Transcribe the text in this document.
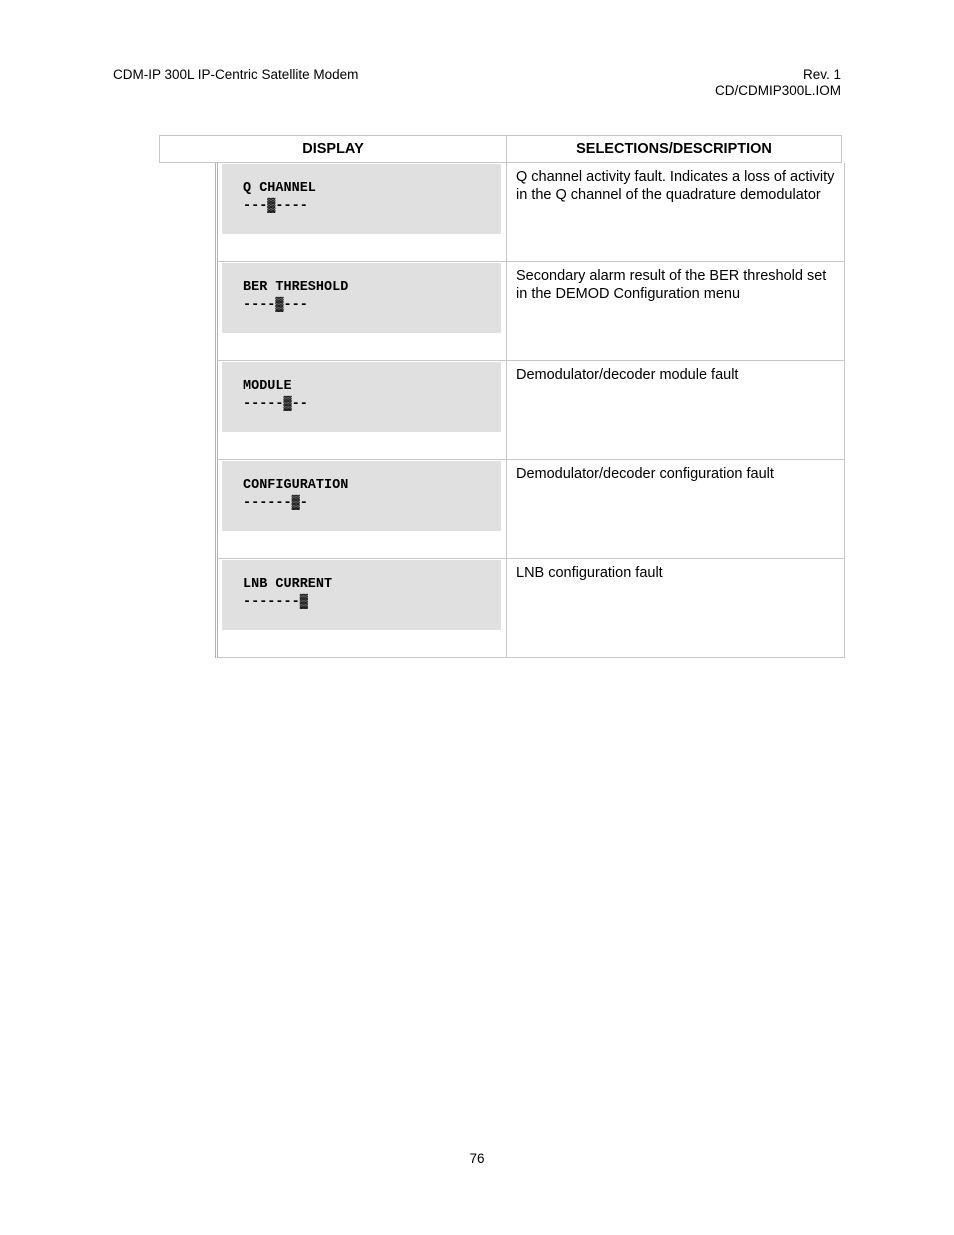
CDM-IP 300L IP-Centric Satellite Modem	Rev. 1
CD/CDMIP300L.IOM
DISPLAY	SELECTIONS/DESCRIPTION
Q CHANNEL
---▓----
Q channel activity fault. Indicates a loss of activity in the Q channel of the quadrature demodulator
BER THRESHOLD
----▓---
Secondary alarm result of the BER threshold set in the DEMOD Configuration menu
MODULE
-----▓--
Demodulator/decoder module fault
CONFIGURATION
------▓-
Demodulator/decoder configuration fault
LNB CURRENT
-------▓
LNB configuration fault
76
